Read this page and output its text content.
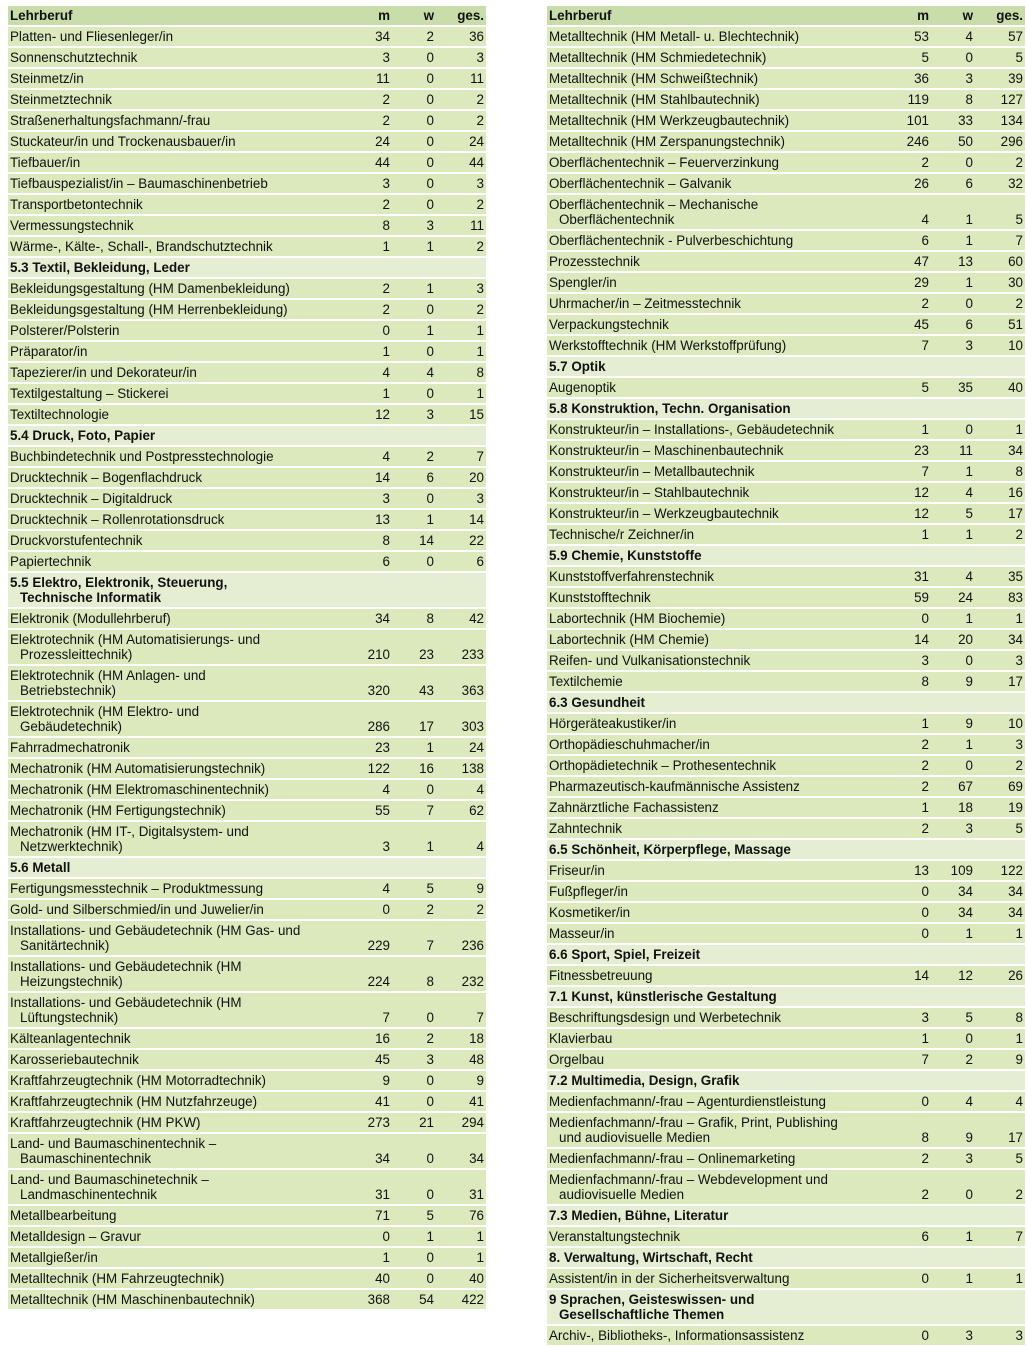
Lehrberuf	m	w	ges.
Platten- und Fliesenleger/in	34	2	36
Sonnenschutztechnik	3	0	3
Steinmetz/in	11	0	11
Steinmetztechnik	2	0	2
Straßenerhaltungsfachmann/-frau	2	0	2
Stuckateur/in und Trockenausbauer/in	24	0	24
Tiefbauer/in	44	0	44
Tiefbauspezialist/in – Baumaschinenbetrieb	3	0	3
Transportbetontechnik	2	0	2
Vermessungstechnik	8	3	11
Wärme-, Kälte-, Schall-, Brandschutztechnik	1	1	2
5.3 Textil, Bekleidung, Leder			
Bekleidungsgestaltung (HM Damenbekleidung)	2	1	3
Bekleidungsgestaltung (HM Herrenbekleidung)	2	0	2
Polsterer/Polsterin	0	1	1
Präparator/in	1	0	1
Tapezierer/in und Dekorateur/in	4	4	8
Textilgestaltung – Stickerei	1	0	1
Textiltechnologie	12	3	15
5.4 Druck, Foto, Papier			
Buchbindetechnik und Postpresstechnologie	4	2	7
Drucktechnik – Bogenflachdruck	14	6	20
Drucktechnik – Digitaldruck	3	0	3
Drucktechnik – Rollenrotationsdruck	13	1	14
Druckvorstufentechnik	8	14	22
Papiertechnik	6	0	6
5.5 Elektro, Elektronik, Steuerung,

Technische Informatik			

Elektronik (Modullehrberuf)	34	8	42
Elektrotechnik (HM Automatisierungs- und
Prozessleittechnik)	210	23	233
Elektrotechnik (HM Anlagen- und
Betriebstechnik)	320	43	363
Elektrotechnik (HM Elektro- und
Gebäudetechnik)	286	17	303
Fahrradmechatronik	23	1	24
Mechatronik (HM Automatisierungstechnik)	122	16	138
Mechatronik (HM Elektromaschinentechnik)	4	0	4
Mechatronik (HM Fertigungstechnik)	55	7	62
Mechatronik (HM IT-, Digitalsystem- und
Netzwerktechnik)	3	1	4
5.6 Metall			
Fertigungsmesstechnik – Produktmessung	4	5	9
Gold- und Silberschmied/in und Juwelier/in	0	2	2
Installations- und Gebäudetechnik (HM Gas- und
Sanitärtechnik)	229	7	236
Installations- und Gebäudetechnik (HM
Heizungstechnik)	224	8	232
Installations- und Gebäudetechnik (HM
Lüftungstechnik)	7	0	7
Kälteanlagentechnik	16	2	18
Karosseriebautechnik	45	3	48
Kraftfahrzeugtechnik (HM Motorradtechnik)	9	0	9
Kraftfahrzeugtechnik (HM Nutzfahrzeuge)	41	0	41
Kraftfahrzeugtechnik (HM PKW)	273	21	294
Land- und Baumaschinentechnik –
Baumaschinentechnik	34	0	34
Land- und Baumaschinetechnik –
Landmaschinentechnik	31	0	31
Metallbearbeitung	71	5	76
Metalldesign – Gravur	0	1	1
Metallgießer/in	1	0	1
Metalltechnik (HM Fahrzeugtechnik)	40	0	40
Metalltechnik (HM Maschinenbautechnik)	368	54	422
Lehrberuf	m	w	ges.
Metalltechnik (HM Metall- u. Blechtechnik)	53	4	57
Metalltechnik (HM Schmiedetechnik)	5	0	5
Metalltechnik (HM Schweißtechnik)	36	3	39
Metalltechnik (HM Stahlbautechnik)	119	8	127
Metalltechnik (HM Werkzeugbautechnik)	101	33	134
Metalltechnik (HM Zerspanungstechnik)	246	50	296
Oberflächentechnik – Feuerverzinkung	2	0	2
Oberflächentechnik – Galvanik	26	6	32
Oberflächentechnik – Mechanische
Oberflächentechnik	4	1	5
Oberflächentechnik - Pulverbeschichtung	6	1	7
Prozesstechnik	47	13	60
Spengler/in	29	1	30
Uhrmacher/in – Zeitmesstechnik	2	0	2
Verpackungstechnik	45	6	51
Werkstofftechnik (HM Werkstoffprüfung)	7	3	10
5.7 Optik			
Augenoptik	5	35	40
5.8 Konstruktion, Techn. Organisation			
Konstrukteur/in – Installations-, Gebäudetechnik	1	0	1
Konstrukteur/in – Maschinenbautechnik	23	11	34
Konstrukteur/in – Metallbautechnik	7	1	8
Konstrukteur/in – Stahlbautechnik	12	4	16
Konstrukteur/in – Werkzeugbautechnik	12	5	17
Technische/r Zeichner/in	1	1	2
5.9 Chemie, Kunststoffe			
Kunststoffverfahrenstechnik	31	4	35
Kunststofftechnik	59	24	83
Labortechnik (HM Biochemie)	0	1	1
Labortechnik (HM Chemie)	14	20	34
Reifen- und Vulkanisationstechnik	3	0	3
Textilchemie	8	9	17
6.3 Gesundheit			
Hörgeräteakustiker/in	1	9	10
Orthopädieschuhmacher/in	2	1	3
Orthopädietechnik – Prothesentechnik	2	0	2
Pharmazeutisch-kaufmännische Assistenz	2	67	69
Zahnärztliche Fachassistenz	1	18	19
Zahntechnik	2	3	5
6.5 Schönheit, Körperpflege, Massage			
Friseur/in	13	109	122
Fußpfleger/in	0	34	34
Kosmetiker/in	0	34	34
Masseur/in	0	1	1
6.6 Sport, Spiel, Freizeit			
Fitnessbetreuung	14	12	26
7.1 Kunst, künstlerische Gestaltung			
Beschriftungsdesign und Werbetechnik	3	5	8
Klavierbau	1	0	1
Orgelbau	7	2	9
7.2 Multimedia, Design, Grafik			
Medienfachmann/-frau – Agenturdienstleistung	0	4	4
Medienfachmann/-frau – Grafik, Print, Publishing
und audiovisuelle Medien	8	9	17
Medienfachmann/-frau – Onlinemarketing	2	3	5
Medienfachmann/-frau – Webdevelopment und
audiovisuelle Medien	2	0	2
7.3 Medien, Bühne, Literatur			
Veranstaltungstechnik	6	1	7
8. Verwaltung, Wirtschaft, Recht			
Assistent/in in der Sicherheitsverwaltung	0	1	1
9 Sprachen, Geisteswissen- und

Gesellschaftliche Themen			

Archiv-, Bibliotheks-, Informationsassistenz	0	3	3
